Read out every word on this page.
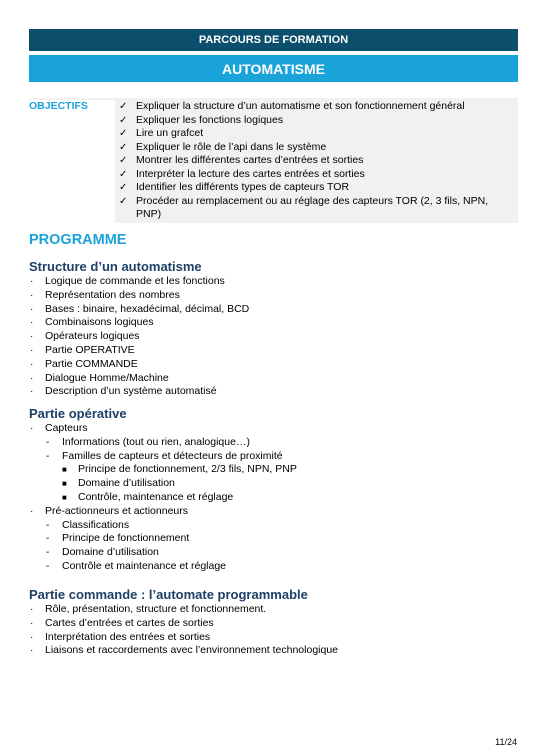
PARCOURS DE FORMATION
AUTOMATISME
OBJECTIFS	✓ Expliquer la structure d’un automatisme et son fonctionnement général
✓ Expliquer les fonctions logiques
✓ Lire un grafcet
✓ Expliquer le rôle de l’api dans le système
✓ Montrer les différentes cartes d’entrées et sorties
✓ Interpréter la lecture des cartes entrées et sorties
✓ Identifier les différents types de capteurs TOR
✓ Procéder au remplacement ou au réglage des capteurs TOR (2, 3 fils, NPN, PNP)
PROGRAMME
Structure d’un automatisme
· Logique de commande et les fonctions
· Représentation des nombres
· Bases : binaire, hexadécimal, décimal, BCD
· Combinaisons logiques
· Opérateurs logiques
· Partie OPERATIVE
· Partie COMMANDE
· Dialogue Homme/Machine
· Description d’un système automatisé
Partie opérative
· Capteurs
- Informations (tout ou rien, analogique…)
- Familles de capteurs et détecteurs de proximité
■ Principe de fonctionnement, 2/3 fils, NPN, PNP
■ Domaine d’utilisation
■ Contrôle, maintenance et réglage
· Pré-actionneurs et actionneurs
- Classifications
- Principe de fonctionnement
- Domaine d’utilisation
- Contrôle et maintenance et réglage
Partie commande : l’automate programmable
· Rôle, présentation, structure et fonctionnement.
· Cartes d’entrées et cartes de sorties
· Interprétation des entrées et sorties
· Liaisons et raccordements avec l’environnement technologique
11/24
